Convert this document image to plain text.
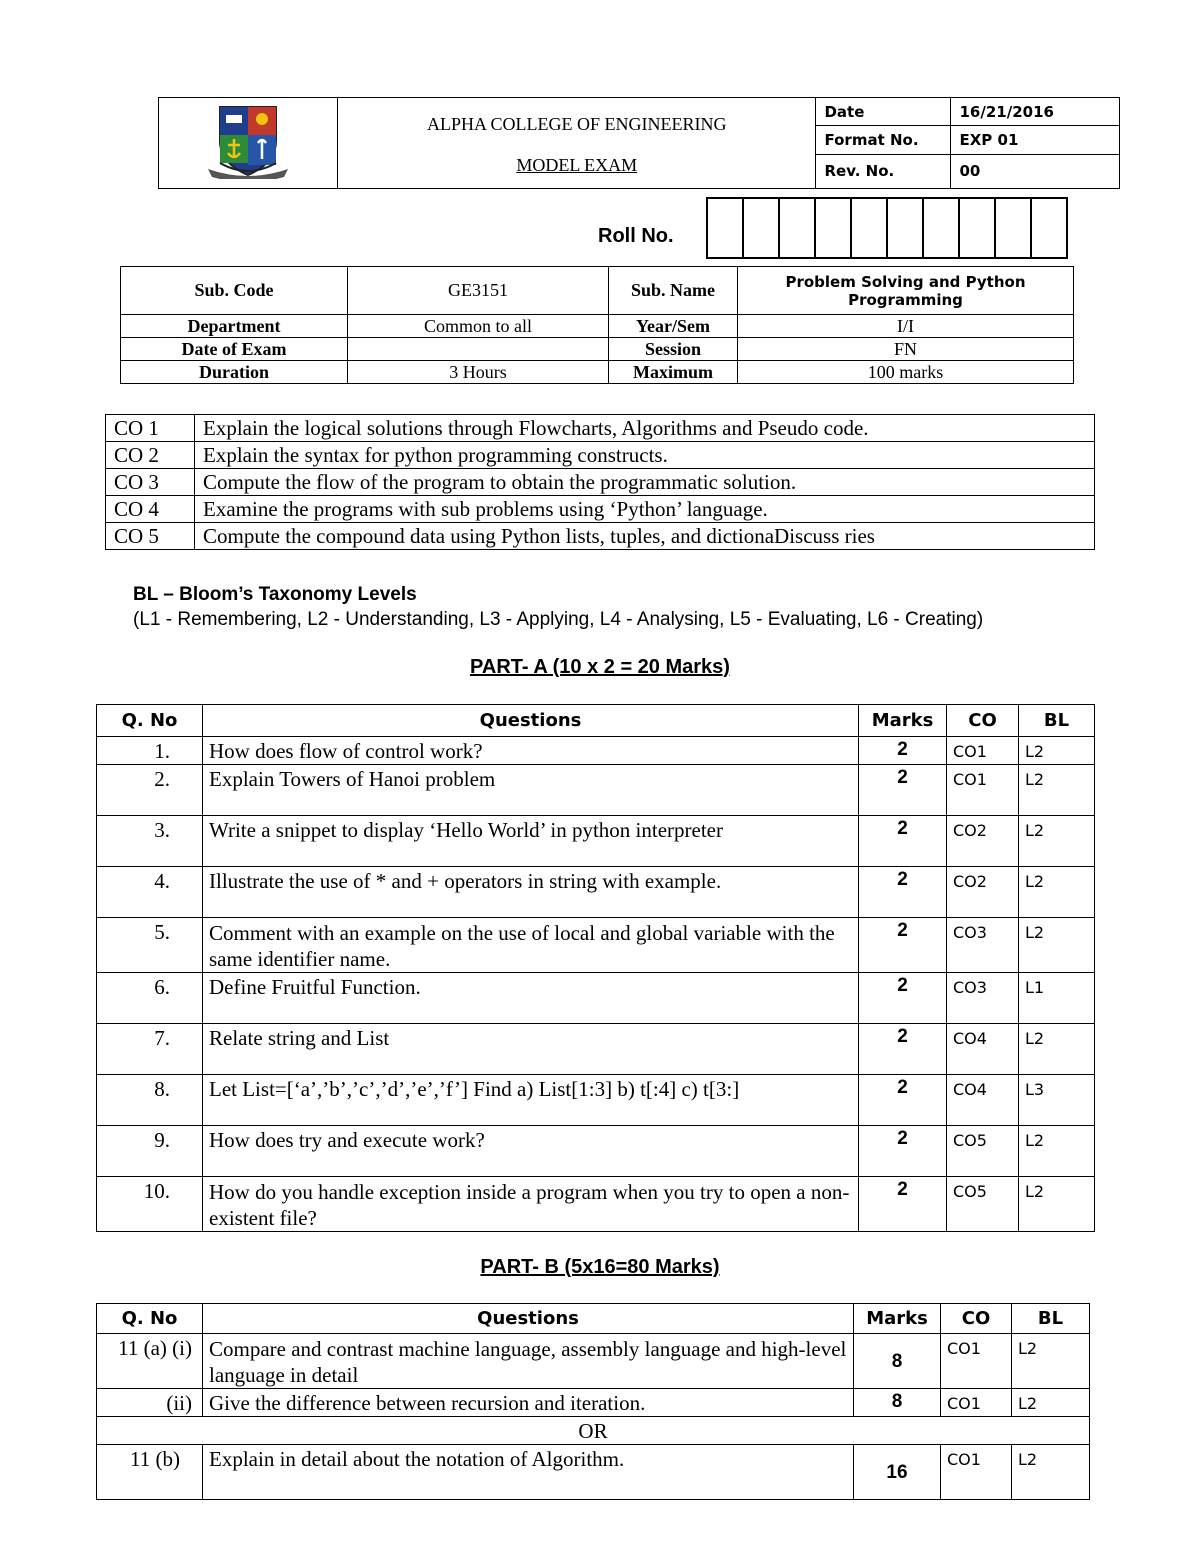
ALPHA COLLEGE OF ENGINEERING
MODEL EXAM	Date	16/21/2016
		Format No.	EXP 01
		Rev. No.	00
Roll No.
Sub. Code	GE3151	Sub. Name	Problem Solving and Python Programming
Department	Common to all	Year/Sem	I/I
Date of Exam		Session	FN
Duration	3 Hours	Maximum	100 marks
CO 1	Explain the logical solutions through Flowcharts, Algorithms and Pseudo code.
CO 2	Explain the syntax for python programming constructs.
CO 3	Compute the flow of the program to obtain the programmatic solution.
CO 4	Examine the programs with sub problems using ‘Python’ language.
CO 5	Compute the compound data using Python lists, tuples, and dictionaDiscuss ries
BL – Bloom’s Taxonomy Levels
(L1 - Remembering, L2 - Understanding, L3 - Applying, L4 - Analysing, L5 - Evaluating, L6 - Creating)
PART- A (10 x 2 = 20 Marks)
Q. No	Questions	Marks	CO	BL
1.	How does flow of control work?	2	CO1	L2
2.	Explain Towers of Hanoi problem	2	CO1	L2
3.	Write a snippet to display ‘Hello World’ in python interpreter	2	CO2	L2
4.	Illustrate the use of * and + operators in string with example.	2	CO2	L2
5.	Comment with an example on the use of local and global variable with the same identifier name.	2	CO3	L2
6.	Define Fruitful Function.	2	CO3	L1
7.	Relate string and List	2	CO4	L2
8.	Let List=[‘a’,’b’,’c’,’d’,’e’,’f’] Find a) List[1:3] b) t[:4] c) t[3:]	2	CO4	L3
9.	How does try and execute work?	2	CO5	L2
10.	How do you handle exception inside a program when you try to open a non-existent file?	2	CO5	L2
PART- B (5x16=80 Marks)
Q. No	Questions	Marks	CO	BL
11 (a) (i)	Compare and contrast machine language, assembly language and high-level language in detail	8	CO1	L2
(ii)	Give the difference between recursion and iteration.	8	CO1	L2
OR				
11 (b)	Explain in detail about the notation of Algorithm.	16	CO1	L2
